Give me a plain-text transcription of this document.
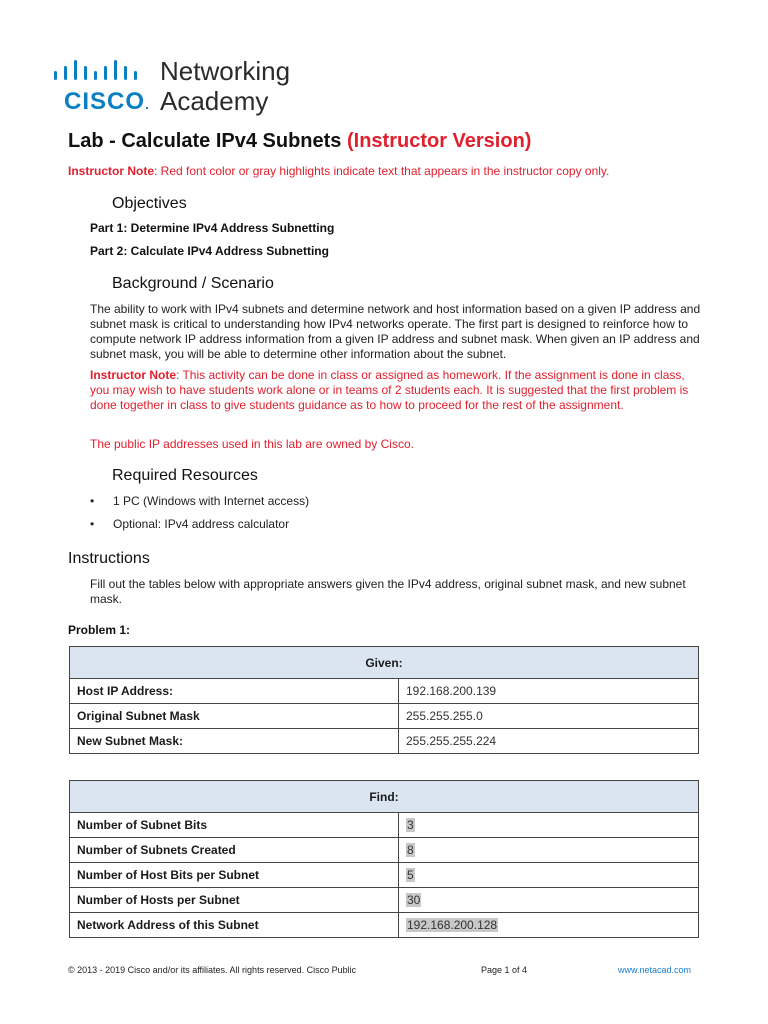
CISCO.
Networking
Academy
Lab - Calculate IPv4 Subnets (Instructor Version)
Instructor Note: Red font color or gray highlights indicate text that appears in the instructor copy only.
Objectives
Part 1: Determine IPv4 Address Subnetting
Part 2: Calculate IPv4 Address Subnetting
Background / Scenario
The ability to work with IPv4 subnets and determine network and host information based on a given IP address and subnet mask is critical to understanding how IPv4 networks operate. The first part is designed to reinforce how to compute network IP address information from a given IP address and subnet mask. When given an IP address and subnet mask, you will be able to determine other information about the subnet.
Instructor Note: This activity can be done in class or assigned as homework. If the assignment is done in class, you may wish to have students work alone or in teams of 2 students each. It is suggested that the first problem is done together in class to give students guidance as to how to proceed for the rest of the assignment.
The public IP addresses used in this lab are owned by Cisco.
Required Resources
• 1 PC (Windows with Internet access)
• Optional: IPv4 address calculator
Instructions
Fill out the tables below with appropriate answers given the IPv4 address, original subnet mask, and new subnet mask.
Problem 1:
Given:	
Host IP Address:	192.168.200.139
Original Subnet Mask	255.255.255.0
New Subnet Mask:	255.255.255.224
Find:	
Number of Subnet Bits	3
Number of Subnets Created	8
Number of Host Bits per Subnet	5
Number of Hosts per Subnet	30
Network Address of this Subnet	192.168.200.128
© 2013 - 2019 Cisco and/or its affiliates. All rights reserved. Cisco Public	Page 1 of 4	www.netacad.com
